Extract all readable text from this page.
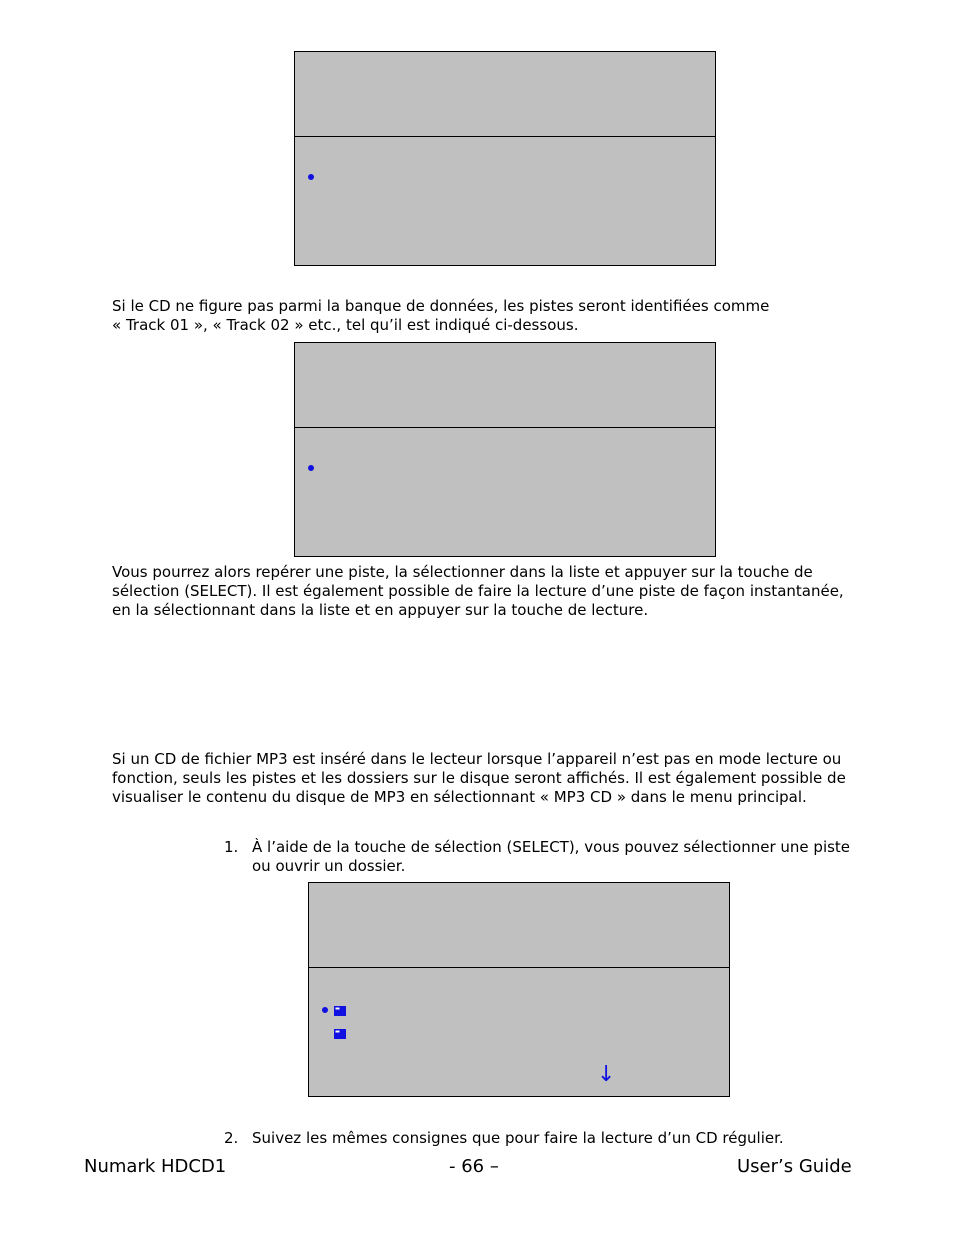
Si le CD ne figure pas parmi la banque de données, les pistes seront identifiées comme

« Track 01 », « Track 02 » etc., tel qu’il est indiqué ci-dessous.

Vous pourrez alors repérer une piste, la sélectionner dans la liste et appuyer sur la touche de

sélection (SELECT). Il est également possible de faire la lecture d’une piste de façon instantanée,

en la sélectionnant dans la liste et en appuyer sur la touche de lecture.

Si un CD de fichier MP3 est inséré dans le lecteur lorsque l’appareil n’est pas en mode lecture ou

fonction, seuls les pistes et les dossiers sur le disque seront affichés. Il est également possible de

visualiser le contenu du disque de MP3 en sélectionnant « MP3 CD » dans le menu principal.

1. À l’aide de la touche de sélection (SELECT), vous pouvez sélectionner une piste
ou ouvrir un dossier.
↓
2. Suivez les mêmes consignes que pour faire la lecture d’un CD régulier.
Numark HDCD1	- 66 –	User’s Guide
